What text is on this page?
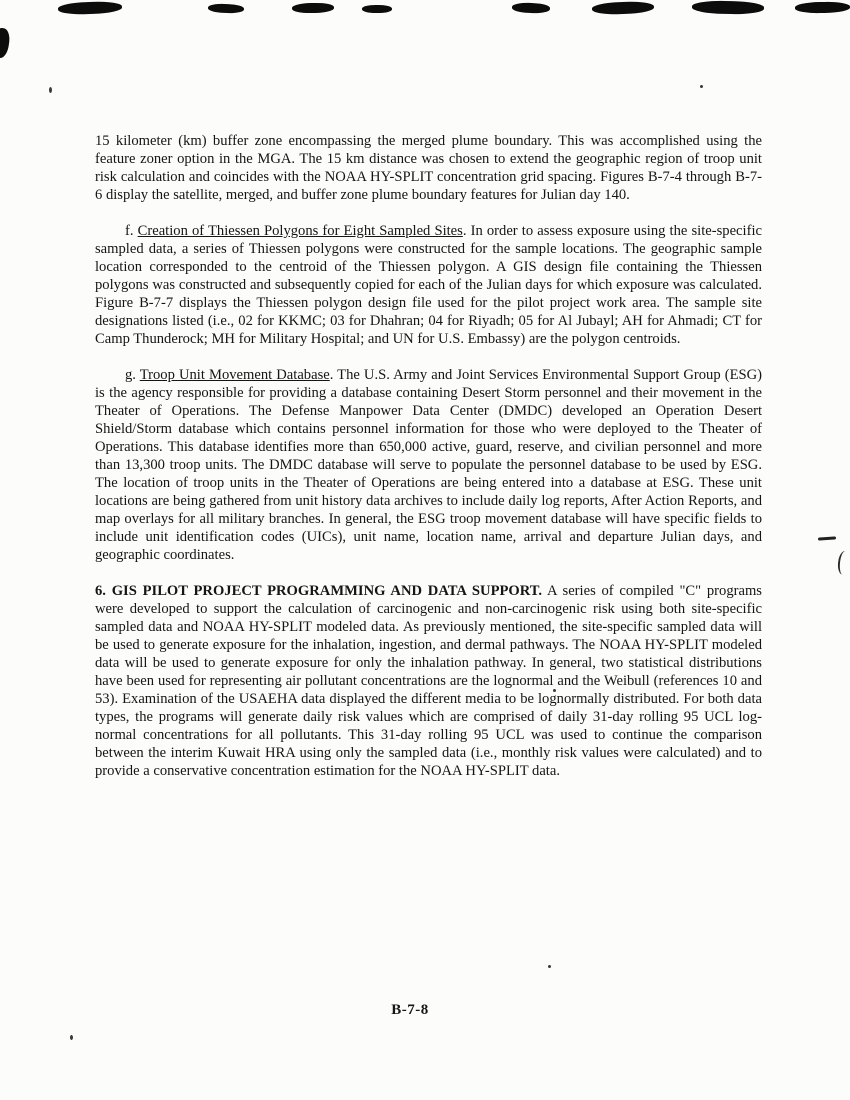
15 kilometer (km) buffer zone encompassing the merged plume boundary. This was accomplished using the feature zoner option in the MGA. The 15 km distance was chosen to extend the geographic region of troop unit risk calculation and coincides with the NOAA HY-SPLIT concentration grid spacing. Figures B-7-4 through B-7-6 display the satellite, merged, and buffer zone plume boundary features for Julian day 140.

f. Creation of Thiessen Polygons for Eight Sampled Sites. In order to assess exposure using the site-specific sampled data, a series of Thiessen polygons were constructed for the sample locations. The geographic sample location corresponded to the centroid of the Thiessen polygon. A GIS design file containing the Thiessen polygons was constructed and subsequently copied for each of the Julian days for which exposure was calculated. Figure B-7-7 displays the Thiessen polygon design file used for the pilot project work area. The sample site designations listed (i.e., 02 for KKMC; 03 for Dhahran; 04 for Riyadh; 05 for Al Jubayl; AH for Ahmadi; CT for Camp Thunderock; MH for Military Hospital; and UN for U.S. Embassy) are the polygon centroids.

g. Troop Unit Movement Database. The U.S. Army and Joint Services Environmental Support Group (ESG) is the agency responsible for providing a database containing Desert Storm personnel and their movement in the Theater of Operations. The Defense Manpower Data Center (DMDC) developed an Operation Desert Shield/Storm database which contains personnel information for those who were deployed to the Theater of Operations. This database identifies more than 650,000 active, guard, reserve, and civilian personnel and more than 13,300 troop units. The DMDC database will serve to populate the personnel database to be used by ESG. The location of troop units in the Theater of Operations are being entered into a database at ESG. These unit locations are being gathered from unit history data archives to include daily log reports, After Action Reports, and map overlays for all military branches. In general, the ESG troop movement database will have specific fields to include unit identification codes (UICs), unit name, location name, arrival and departure Julian days, and geographic coordinates.

6. GIS PILOT PROJECT PROGRAMMING AND DATA SUPPORT. A series of compiled "C" programs were developed to support the calculation of carcinogenic and non-carcinogenic risk using both site-specific sampled data and NOAA HY-SPLIT modeled data. As previously mentioned, the site-specific sampled data will be used to generate exposure for the inhalation, ingestion, and dermal pathways. The NOAA HY-SPLIT modeled data will be used to generate exposure for only the inhalation pathway. In general, two statistical distributions have been used for representing air pollutant concentrations are the lognormal and the Weibull (references 10 and 53). Examination of the USAEHA data displayed the different media to be lognormally distributed. For both data types, the programs will generate daily risk values which are comprised of daily 31-day rolling 95 UCL log-normal concentrations for all pollutants. This 31-day rolling 95 UCL was used to continue the comparison between the interim Kuwait HRA using only the sampled data (i.e., monthly risk values were calculated) and to provide a conservative concentration estimation for the NOAA HY-SPLIT data.

B-7-8
